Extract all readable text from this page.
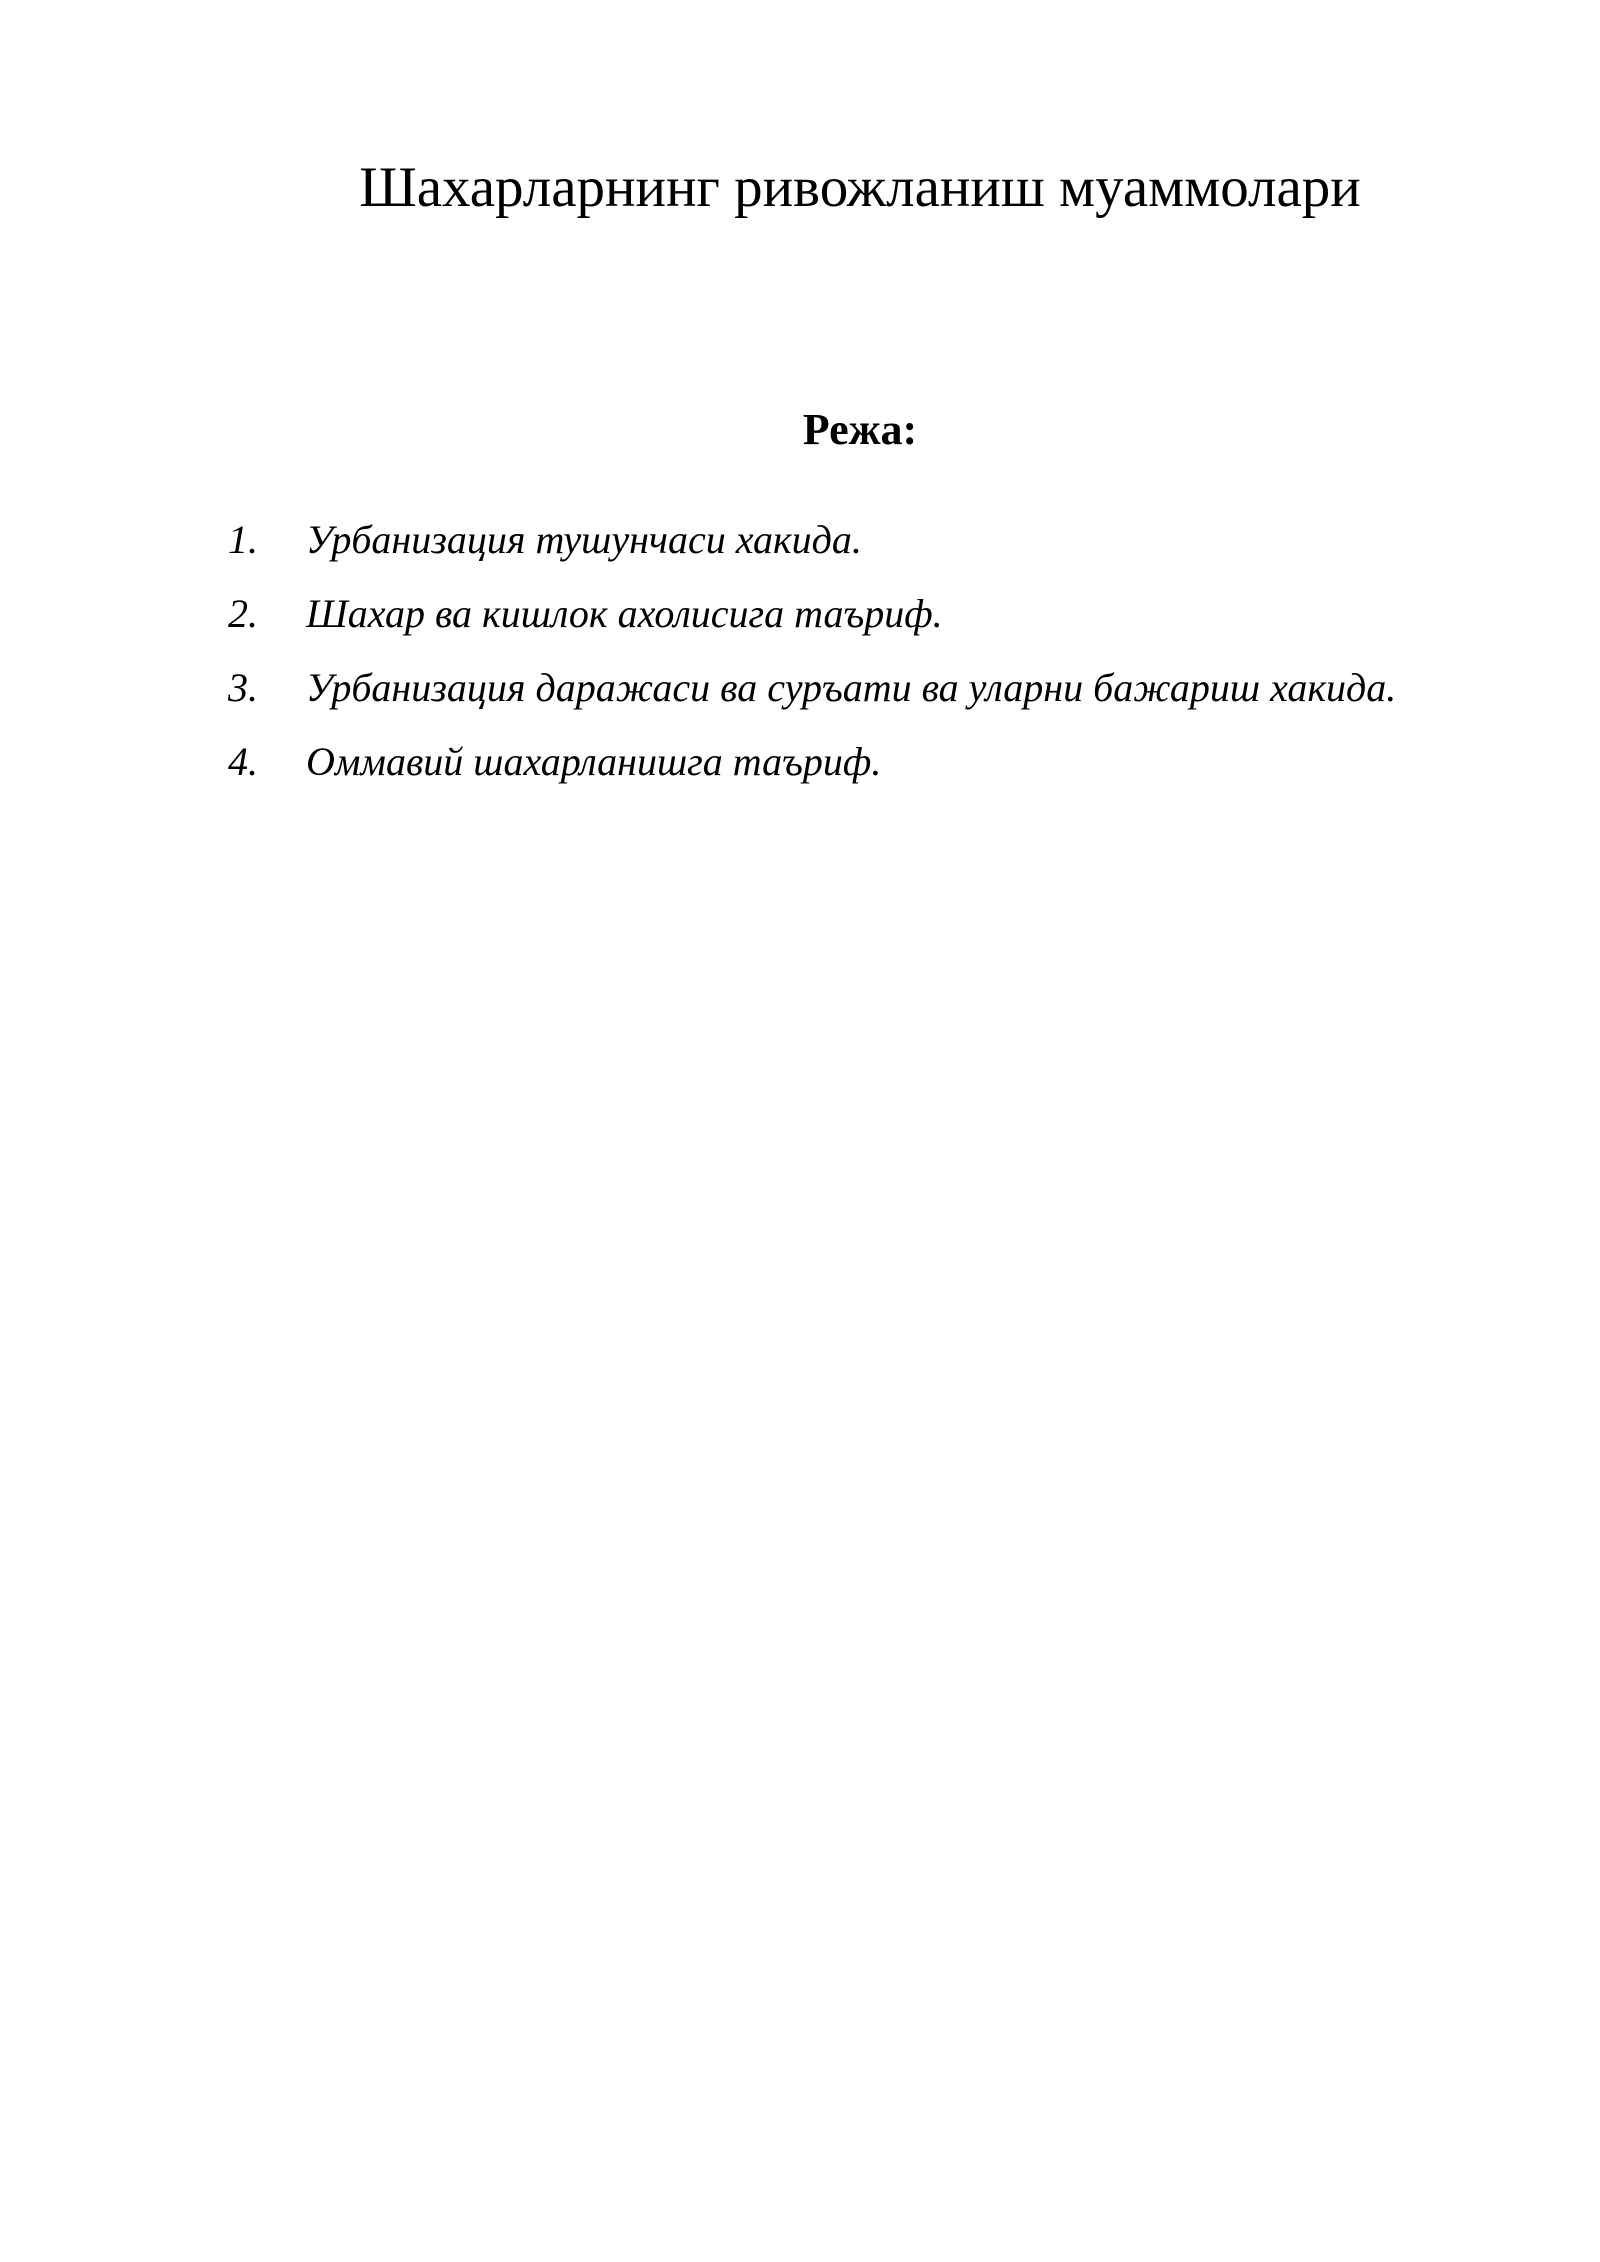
Шахарларнинг ривожланиш муаммолари
Режа:
1. Урбанизация тушунчаси хакида.
2. Шахар ва кишлок ахолисига таъриф.
3. Урбанизация даражаси ва суръати ва уларни бажариш хакида.
4. Оммавий шахарланишга таъриф.
